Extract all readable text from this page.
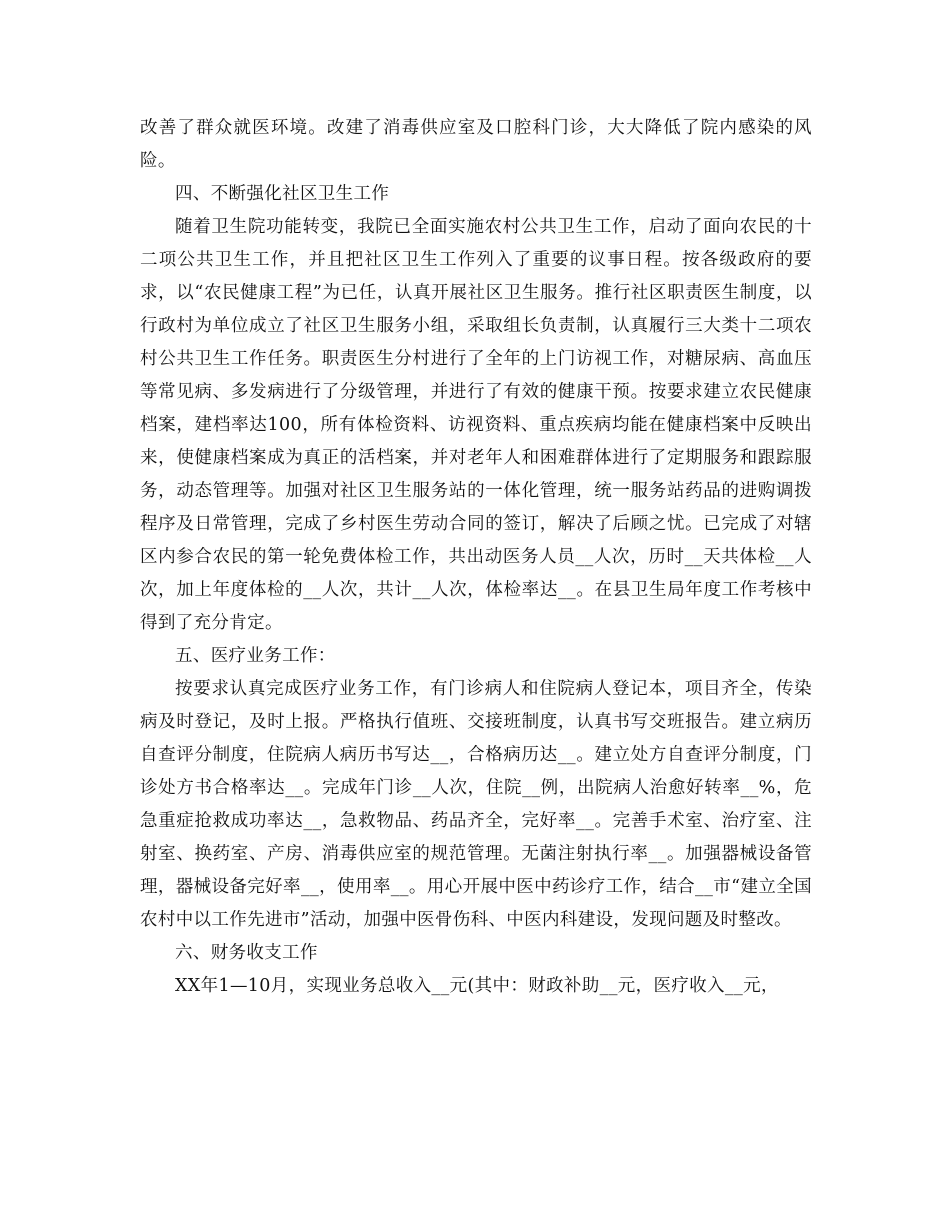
改善了群众就医环境。改建了消毒供应室及口腔科门诊，大大降低了院内感染的风险。

四、不断强化社区卫生工作

随着卫生院功能转变，我院已全面实施农村公共卫生工作，启动了面向农民的十二项公共卫生工作，并且把社区卫生工作列入了重要的议事日程。按各级政府的要求，以“农民健康工程”为已任，认真开展社区卫生服务。推行社区职责医生制度，以行政村为单位成立了社区卫生服务小组，采取组长负责制，认真履行三大类十二项农村公共卫生工作任务。职责医生分村进行了全年的上门访视工作，对糖尿病、高血压等常见病、多发病进行了分级管理，并进行了有效的健康干预。按要求建立农民健康档案，建档率达100，所有体检资料、访视资料、重点疾病均能在健康档案中反映出来，使健康档案成为真正的活档案，并对老年人和困难群体进行了定期服务和跟踪服务，动态管理等。加强对社区卫生服务站的一体化管理，统一服务站药品的进购调拨程序及日常管理，完成了乡村医生劳动合同的签订，解决了后顾之忧。已完成了对辖区内参合农民的第一轮免费体检工作，共出动医务人员__人次，历时__天共体检__人次，加上年度体检的__人次，共计__人次，体检率达__。在县卫生局年度工作考核中得到了充分肯定。

五、医疗业务工作：

按要求认真完成医疗业务工作，有门诊病人和住院病人登记本，项目齐全，传染病及时登记，及时上报。严格执行值班、交接班制度，认真书写交班报告。建立病历自查评分制度，住院病人病历书写达__，合格病历达__。建立处方自查评分制度，门诊处方书合格率达__。完成年门诊__人次，住院__例，出院病人治愈好转率__%，危急重症抢救成功率达__，急救物品、药品齐全，完好率__。完善手术室、治疗室、注射室、换药室、产房、消毒供应室的规范管理。无菌注射执行率__。加强器械设备管理，器械设备完好率__，使用率__。用心开展中医中药诊疗工作，结合__市“建立全国农村中以工作先进市”活动，加强中医骨伤科、中医内科建设，发现问题及时整改。

六、财务收支工作

XX年1—10月，实现业务总收入__元(其中：财政补助__元，医疗收入__元，
